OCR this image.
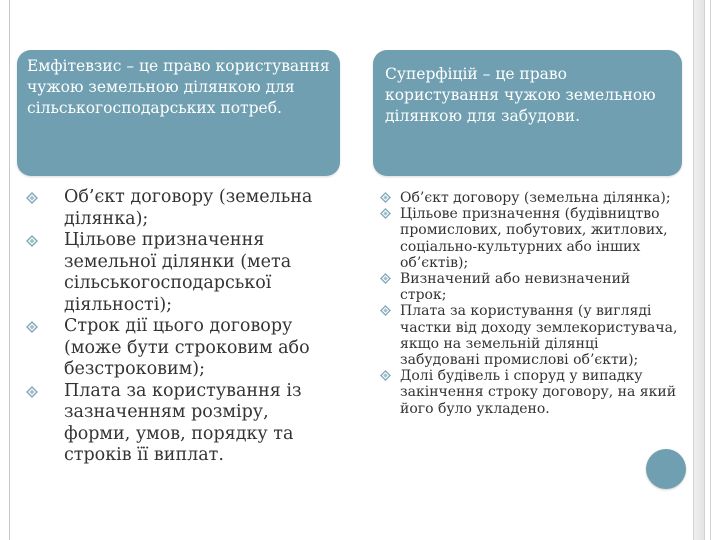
Емфітевзис – це право користування чужою земельною ділянкою для сільськогосподарських потреб.
Суперфіцій – це право користування чужою земельною ділянкою для забудови.
Об’єкт договору (земельна ділянка);
Цільове призначення земельної ділянки (мета сільськогосподарської діяльності);
Строк дії цього договору (може бути строковим або безстроковим);
Плата за користування із зазначенням розміру, форми, умов, порядку та строків її виплат.
Об’єкт договору (земельна ділянка);
Цільове призначення (будівництво промислових, побутових, житлових, соціально-культурних або інших об’єктів);
Визначений або невизначений строк;
Плата за користування (у вигляді частки від доходу землекористувача, якщо на земельній ділянці забудовані промислові об’єкти);
Долі будівель і споруд у випадку закінчення строку договору, на який його було укладено.
